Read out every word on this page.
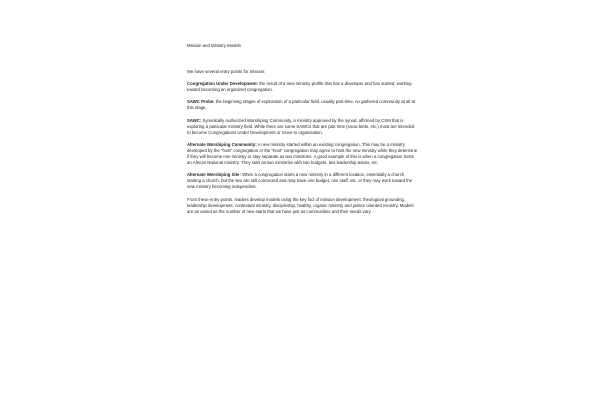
Mission and Ministry Models

We have several entry points for mission:

Congregation Under Development: the result of a new ministry profile that has a developer and has started, working toward becoming an organized congregation.

SAWC Probe: the beginning stages of exploration of a particular field, usually part-time, no gathered community at all at this stage.

SAWC: Synodically Authorized Worshiping Community, a ministry approved by the synod, affirmed by CSM that is exploring a particular ministry field. While there are some SAWCs that are part time (snow birds, etc.) most are intended to become Congregations Under Development or move to organization.

Alternate Worshiping Community: A new ministry started within an existing congregation. This may be a ministry developed by the "host" congregation or the "host" congregation may agree to host the new ministry while they determine if they will become one ministry or stay separate as two ministries. A good example of this is when a congregation hosts an African National ministry. They start as two ministries with two budgets, two leadership teams, etc.

Alternate Worshiping Site: When a congregation starts a new ministry in a different location, essentially a church starting a church, but the two are still connected and may have one budget, one staff, etc. or they may work toward the new ministry becoming independent.

From these entry points, leaders develop models using the key foci of mission development: theological grounding, leadership development, contextual ministry, discipleship, healthy, organic ministry and justice oriented ministry. Models are as varied as the number of new starts that we have just as communities and their needs vary.
